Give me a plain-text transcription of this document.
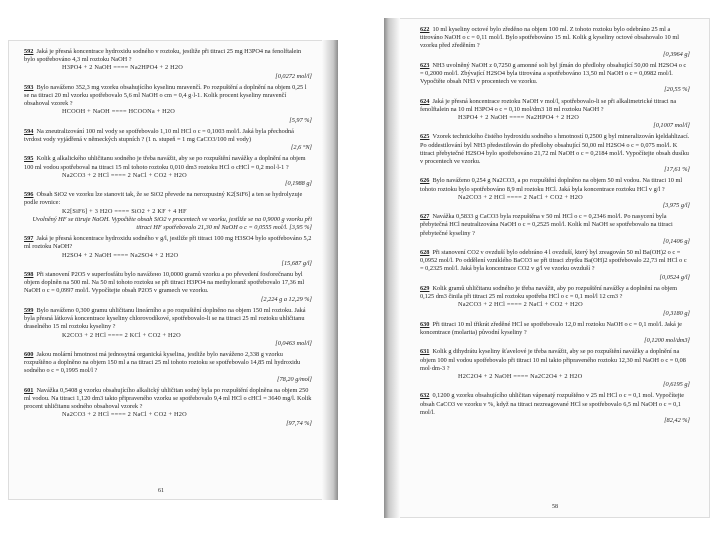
592 Jaká je přesná koncentrace hydroxidu sodného v roztoku, jestliže při titraci 25 mg H3PO4 na fenolftalein bylo spotřebováno 4,3 ml roztoku NaOH ?
H3PO4 + 2 NaOH ==== Na2HPO4 + 2 H2O
[0,0272 mol/l]
593 Bylo naváženo 352,3 mg vzorku obsahujícího kyselinu mravenčí. Po rozpuštění a doplnění na objem 0,25 l se na titraci 20 ml vzorku spotřebovalo 5,6 ml NaOH o cm = 0,4 g·l-1. Kolik procent kyseliny mravenčí obsahoval vzorek ?
HCOOH + NaOH ==== HCOONa + H2O
[5,97 %]
594 Na zneutralizování 100 ml vody se spotřebovalo 1,10 ml HCl o c = 0,1003 mol/l. Jaká byla přechodná tvrdost vody vyjádřená v německých stupních ? (1 n. stupeň = 1 mg CaCO3/100 ml vody)
[2,6 °N]
595 Kolik g alkalického uhličitanu sodného je třeba navážit, aby se po rozpuštění navážky a doplnění na objem 100 ml vodou spotřeboval na titraci 15 ml tohoto roztoku 0,010 dm3 roztoku HCl o cHCl = 0,2 mol·l-1 ?
Na2CO3 + 2 HCl ==== 2 NaCl + CO2 + H2O
[0,1988 g]
596 Obsah SiO2 ve vzorku lze stanovit tak, že se SiO2 převede na nerozpustný K2[SiF6] a ten se hydrolyzuje podle rovnice:
K2[SiF6] + 3 H2O ==== SiO2 + 2 KF + 4 HF
Uvolněný HF se titruje NaOH. Vypočtěte obsah SiO2 v procentech ve vzorku, jestliže se na 0,9000 g vzorku při titraci HF spotřebovalo 21,30 ml NaOH o c = 0,0555 mol/l. [3,95 %]
597 Jaká je přesná koncentrace hydroxidu sodného v g/l, jestliže při titraci 100 mg H3SO4 bylo spotřebováno 5,2 ml roztoku NaOH?
H2SO4 + 2 NaOH ==== Na2SO4 + 2 H2O
[15,687 g/l]
598 Při stanovení P2O5 v superfosfátu bylo navážено 10,0000 gramů vzorku a po převedení fosforečnanu byl objem doplněn na 500 ml. Na 50 ml tohoto roztoku se při titraci H3PO4 na methyloranž spotřebovalo 17,36 ml NaOH o c = 0,0997 mol/l. Vypočítejte obsah P2O5 v gramech ve vzorku.
[2,224 g a 12,29 %]
599 Bylo naváženo 0,300 gramu uhličitanu lineárního a po rozpuštění doplněno na objem 150 ml roztoku. Jaká byla přesná látková koncentrace kyseliny chlorovodíkové, spotřebovalo-li se na titraci 25 ml roztoku uhličitanu draselného 15 ml roztoku kyseliny ?
K2CO3 + 2 HCl ==== 2 KCl + CO2 + H2O
[0,0463 mol/l]
600 Jakou molární hmotnost má jednosytná organická kyselina, jestliže bylo naváženo 2,338 g vzorku rozpuštěno a doplněno na objem 150 ml a na titraci 25 ml tohoto roztoku se spotřebovalo 14,85 ml hydroxidu sodného o c = 0,1995 mol/l ?
[78,20 g/mol]
601 Navážka 0,5408 g vzorku obsahujícího alkalický uhličitan sodný byla po rozpuštění doplněna na objem 250 ml vodou. Na titraci 1,120 dm3 takto připraveného vzorku se spotřebovalo 9,4 ml HCl o cHCl = 3640 mg/l. Kolik procent uhličitanu sodného obsahoval vzorek ?
Na2CO3 + 2 HCl ==== 2 NaCl + CO2 + H2O
[97,74 %]
61
622 10 ml kyseliny octové bylo zředěno na objem 100 ml. Z tohoto roztoku bylo odebráno 25 ml a titrováno NaOH o c = 0,11 mol/l. Bylo spotřebováno 15 ml. Kolik g kyseliny octové obsahovalo 10 ml vzorku před zředěním ?
[0,3964 g]
623 NH3 uvolněný NaOH z 0,7250 g amonné soli byl jímán do předlohy obsahující 50,00 ml H2SO4 o c = 0,2000 mol/l. Zbývající H2SO4 byla titrována a spotřebováno 13,50 ml NaOH o c = 0,0982 mol/l. Vypočtěte obsah NH3 v procentech ve vzorku.
[20,55 %]
624 Jaká je přesná koncentrace roztoku NaOH v mol/l, spotřebovalo-li se při alkalimetrické titraci na fenolftalein na 10 ml H3PO4 o c = 0,10 mol/dm3 18 ml roztoku NaOH ?
H3PO4 + 2 NaOH ==== Na2HPO4 + 2 H2O
[0,1007 mol/l]
625 Vzorek technického čistého hydroxidu sodného s hmotností 0,2500 g byl mineralizován kjeldahlizací. Po oddestilování byl NH3 předestilován do předlohy obsahující 50,00 ml H2SO4 o c = 0,075 mol/l. K titraci přebytečné H2SO4 bylo spotřebováno 21,72 ml NaOH o c = 0,2184 mol/l. Vypočítejte obsah dusíku v procentech ve vzorku.
[17,61 %]
626 Bylo naváženo 0,254 g Na2CO3, a po rozpuštění doplněno na objem 50 ml vodou. Na titraci 10 ml tohoto roztoku bylo spotřebováno 8,9 ml roztoku HCl. Jaká byla koncentrace roztoku HCl v g/l ?
Na2CO3 + 2 HCl ==== 2 NaCl + CO2 + H2O
[3,975 g/l]
627 Navážka 0,5833 g CaCO3 byla rozpuštěna v 50 ml HCl o c = 0,2346 mol/l. Po nasycení byla přebytečná HCl neutralizována NaOH o c = 0,2525 mol/l. Kolik ml NaOH se spotřebovalo na titraci přebytečné kyseliny ?
[0,1406 g]
628 Při stanovení CO2 v ovzduší bylo odebráno 4 l ovzduší, který byl zreagován 50 ml Ba(OH)2 o c = 0,0952 mol/l. Po oddělení vzniklého BaCO3 se při titraci zbytku Ba(OH)2 spotřebovalo 22,73 ml HCl o c = 0,2325 mol/l. Jaká byla koncentrace CO2 v g/l ve vzorku ovzduší ?
[0,0524 g/l]
629 Kolik gramů uhličitanu sodného je třeba navážit, aby po rozpuštění navážky a doplnění na objem 0,125 dm3 činila při titraci 25 ml roztoku spotřeba HCl o c = 0,1 mol/l 12 cm3 ?
Na2CO3 + 2 HCl ==== 2 NaCl + CO2 + H2O
[0,3180 g]
630 Při titraci 10 ml třikrát zředěné HCl se spotřebovalo 12,0 ml roztoku NaOH o c = 0,1 mol/l. Jaká je koncentrace (molarita) původní kyseliny ?
[0,1200 mol/dm3]
631 Kolik g dihydrátu kyseliny šťavelové je třeba navážit, aby se po rozpuštění navážky a doplnění na objem 100 ml vodou spotřebovalo při titraci 10 ml takto připraveného roztoku 12,30 ml NaOH o c = 0,08 mol·dm-3 ?
H2C2O4 + 2 NaOH ==== Na2C2O4 + 2 H2O
[0,6195 g]
632 0,1200 g vzorku obsahujícího uhličitan vápenatý rozpuštěno v 25 ml HCl o c = 0,1 mol. Vypočítejte obsah CaCO3 ve vzorku v %, když na titraci nezreagované HCl se spotřebovalo 6,5 ml NaOH o c = 0,1 mol/l.
[82,42 %]
58
